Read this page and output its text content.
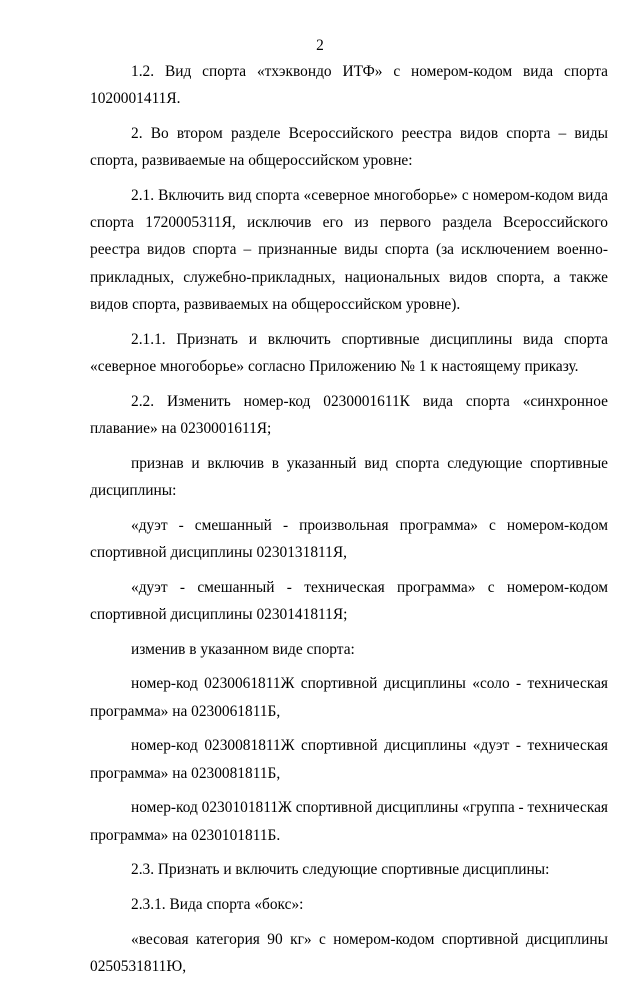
2

1.2. Вид спорта «тхэквондо ИТФ» с номером-кодом вида спорта 1020001411Я.

2. Во втором разделе Всероссийского реестра видов спорта – виды спорта, развиваемые на общероссийском уровне:

2.1. Включить вид спорта «северное многоборье» с номером-кодом вида спорта 1720005311Я, исключив его из первого раздела Всероссийского реестра видов спорта – признанные виды спорта (за исключением военно-прикладных, служебно-прикладных, национальных видов спорта, а также видов спорта, развиваемых на общероссийском уровне).

2.1.1. Признать и включить спортивные дисциплины вида спорта «северное многоборье» согласно Приложению № 1 к настоящему приказу.

2.2. Изменить номер-код 0230001611К вида спорта «синхронное плавание» на 0230001611Я;

признав и включив в указанный вид спорта следующие спортивные дисциплины:

«дуэт - смешанный - произвольная программа» с номером-кодом спортивной дисциплины 0230131811Я,

«дуэт - смешанный - техническая программа» с номером-кодом спортивной дисциплины 0230141811Я;

изменив в указанном виде спорта:

номер-код 0230061811Ж спортивной дисциплины «соло - техническая программа» на 0230061811Б,

номер-код 0230081811Ж спортивной дисциплины «дуэт - техническая программа» на 0230081811Б,

номер-код 0230101811Ж спортивной дисциплины «группа - техническая программа» на 0230101811Б.

2.3. Признать и включить следующие спортивные дисциплины:

2.3.1. Вида спорта «бокс»:

«весовая категория 90 кг» с номером-кодом спортивной дисциплины 0250531811Ю,
